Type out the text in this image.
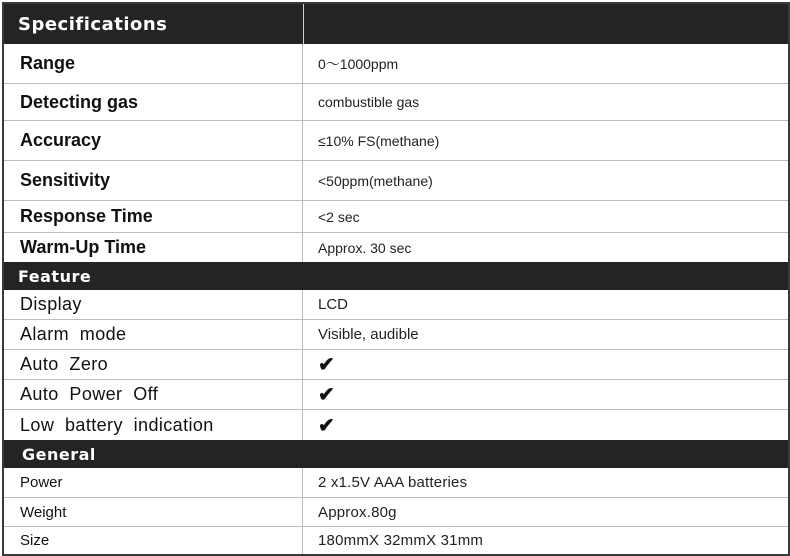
Specifications
Range	0～1000ppm
Detecting gas	combustible gas
Accuracy	≤10% FS(methane)
Sensitivity	<50ppm(methane)
Response Time	<2 sec
Warm-Up Time	Approx. 30 sec
Feature
Display	LCD
Alarm  mode	Visible, audible
Auto  Zero	✔
Auto  Power  Off	✔
Low  battery  indication	✔
General
Power	2 x1.5V AAA batteries
Weight	Approx.80g
Size	180mmX 32mmX 31mm
